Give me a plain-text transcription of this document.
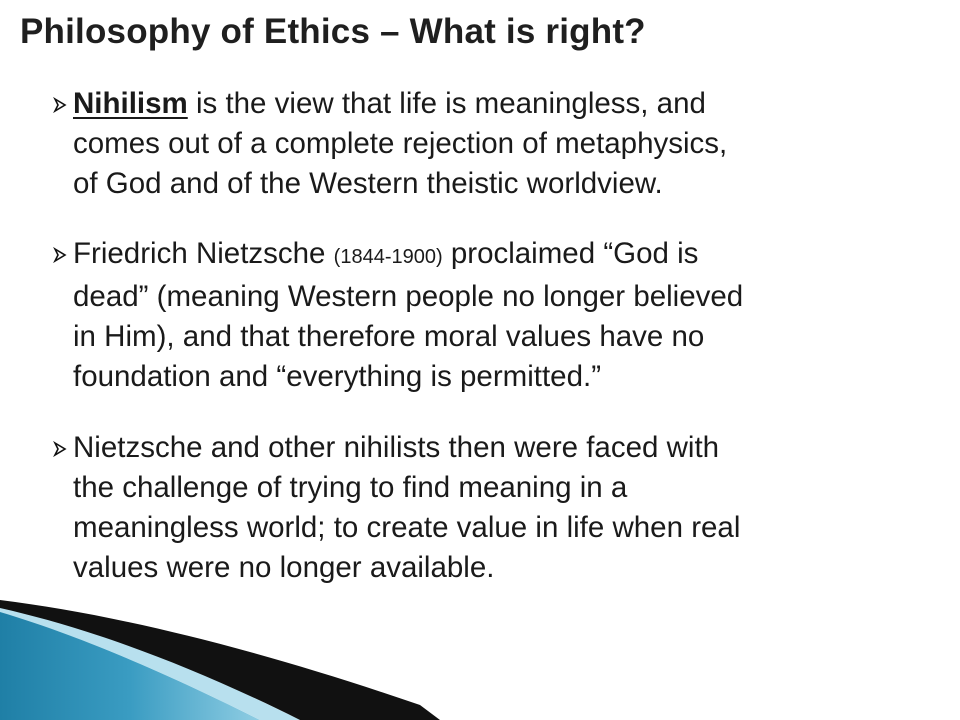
Philosophy of Ethics – What is right?
Nihilism is the view that life is meaningless, and
comes out of a complete rejection of metaphysics,
of God and of the Western theistic worldview.
Friedrich Nietzsche (1844-1900) proclaimed “God is
dead” (meaning Western people no longer believed
in Him), and that therefore moral values have no
foundation and “everything is permitted.”
Nietzsche and other nihilists then were faced with
the challenge of trying to find meaning in a
meaningless world; to create value in life when real
values were no longer available.
